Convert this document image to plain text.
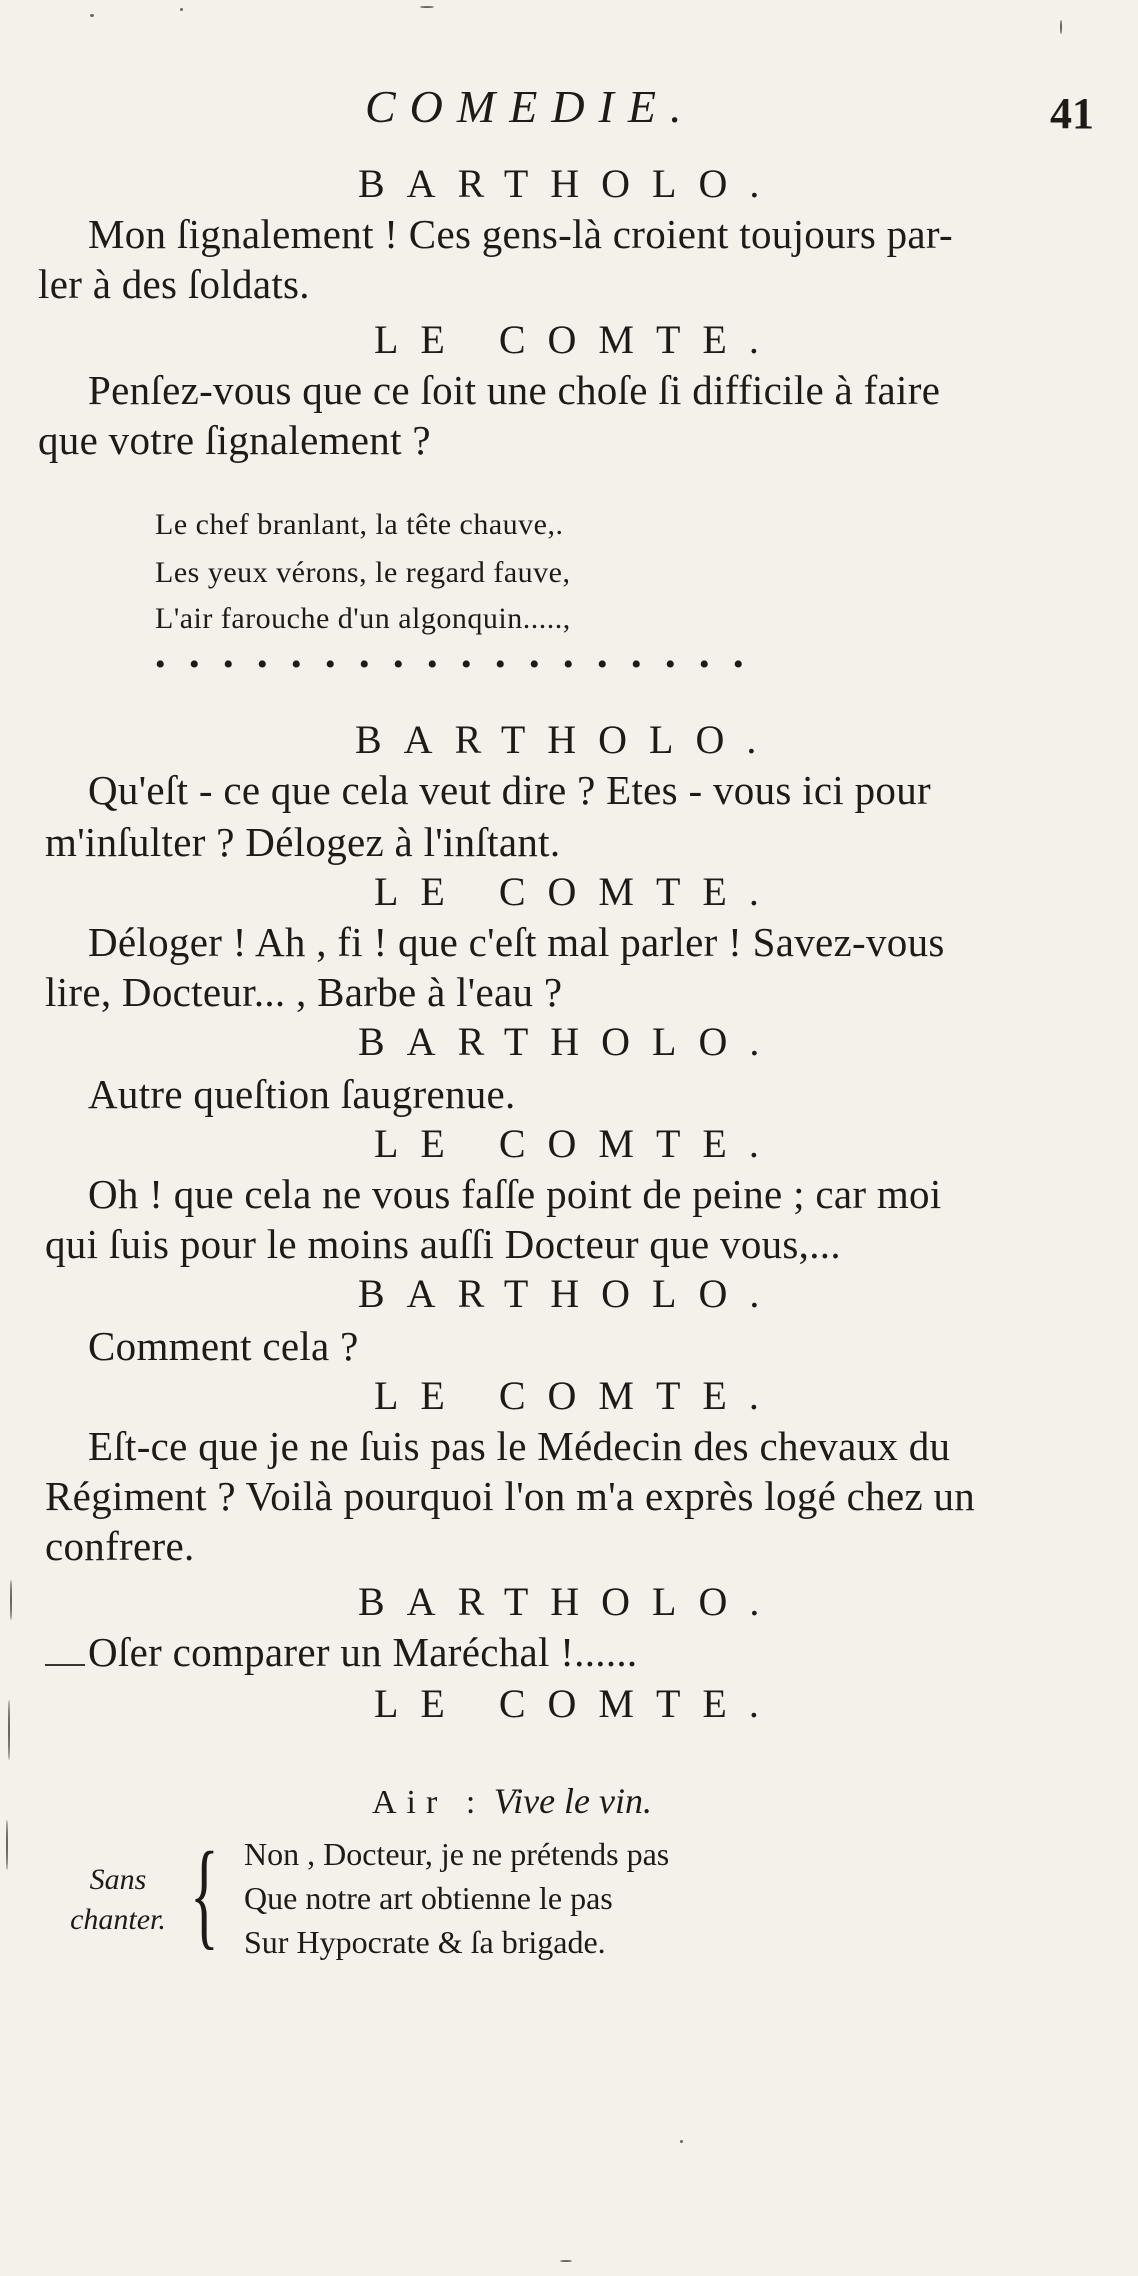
COMEDIE.	41
BARTHOLO.
Mon ſignalement ! Ces gens-là croient toujours par-
ler à des ſoldats.
LE COMTE.
Penſez-vous que ce ſoit une choſe ſi difficile à faire
que votre ſignalement ?
Le chef branlant, la tête chauve,.
Les yeux vérons, le regard fauve,
L'air farouche d'un algonquin.....,
• • • • • • • • • • • • • • • • • •
BARTHOLO.
Qu'eſt - ce que cela veut dire ? Etes - vous ici pour
m'inſulter ? Délogez à l'inſtant.
LE COMTE.
Déloger ! Ah , fi ! que c'eſt mal parler ! Savez-vous
lire, Docteur... , Barbe à l'eau ?
BARTHOLO.
Autre queſtion ſaugrenue.
LE COMTE.
Oh ! que cela ne vous faſſe point de peine ; car moi
qui ſuis pour le moins auſſi Docteur que vous,...
BARTHOLO.
Comment cela ?
LE COMTE.
Eſt-ce que je ne ſuis pas le Médecin des chevaux du
Régiment ? Voilà pourquoi l'on m'a exprès logé chez un
confrere.
BARTHOLO.
Oſer comparer un Maréchal !......
LE COMTE.
Air : Vive le vin.
Sans
chanter. { Non , Docteur, je ne prétends pas
Que notre art obtienne le pas
Sur Hypocrate & ſa brigade.
